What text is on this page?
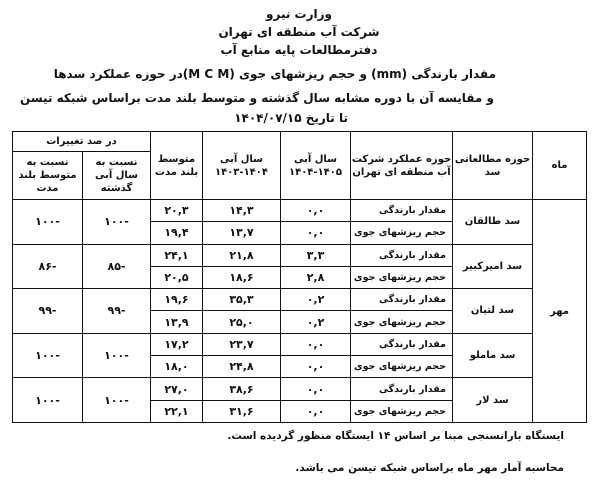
وزارت نیرو
شرکت آب منطقه ای تهران
دفترمطالعات پایه منابع آب
مقدار بارندگی (mm) و حجم ریزشهای جوی (M C M)در حوزه عملکرد سدها
و مقایسه آن با دوره مشابه سال گذشته و متوسط بلند مدت براساس شبکه تیسن
تا تاریخ ۱۴۰۴/۰۷/۱۵
ماه	حوزه مطالعاتی سد	حوزه عملکرد شرکت آب منطقه ای تهران	سال آبی ۱۴۰۵-۱۴۰۴	سال آبی ۱۴۰۴-۱۴۰۳	متوسط بلند مدت	در صد تغییرات	
						نسبت به سال آبی گذشته	نسبت به متوسط بلند مدت
مهر	سد طالقان	مقدار بارندگی	۰,۰	۱۴,۳	۲۰,۳	-۱۰۰	-۱۰۰
		حجم ریزشهای جوی	۰,۰	۱۳,۷	۱۹,۴		
	سد امیرکبیر	مقدار بارندگی	۳,۳	۲۱,۸	۲۴,۱	-۸۵	-۸۶
		حجم ریزشهای جوی	۲,۸	۱۸,۶	۲۰,۵		
	سد لتیان	مقدار بارندگی	۰,۲	۳۵,۳	۱۹,۶	-۹۹	-۹۹
		حجم ریزشهای جوی	۰,۲	۲۵,۰	۱۳,۹		
	سد ماملو	مقدار بارندگی	۰,۰	۲۳,۷	۱۷,۲	-۱۰۰	-۱۰۰
		حجم ریزشهای جوی	۰,۰	۲۴,۸	۱۸,۰		
	سد لار	مقدار بارندگی	۰,۰	۳۸,۶	۲۷,۰	-۱۰۰	-۱۰۰
		حجم ریزشهای جوی	۰,۰	۳۱,۶	۲۲,۱		
ایستگاه بارانسنجی مبنا بر اساس ۱۴ ایستگاه منظور گردیده است.
محاسبه آمار مهر ماه براساس شبکه تیسن می باشد.
